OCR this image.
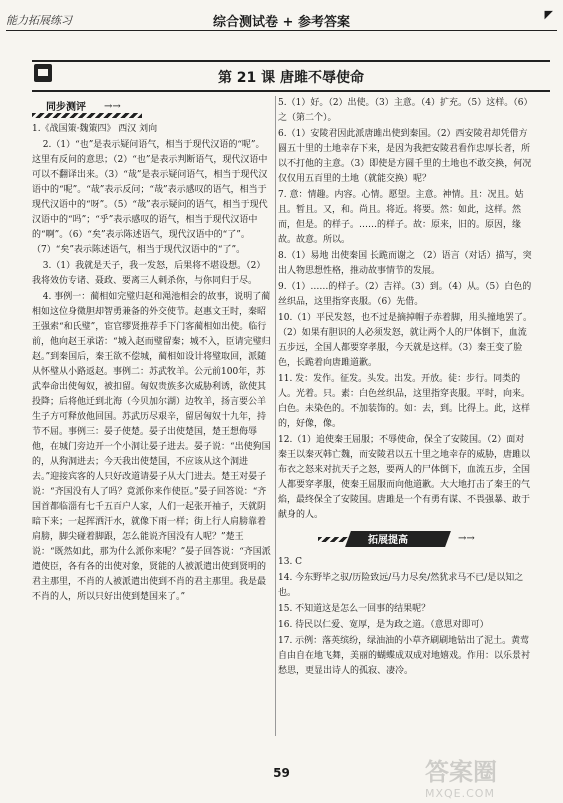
能力拓展练习	综合测试卷 + 参考答案
◤
第 21 课 唐雎不辱使命
同步测评 →→

1.《战国策·魏策四》 西汉 刘向

2.（1）“也”是表示疑问语气，相当于现代汉语的“呢”。这里有反问的意思；（2）“也”是表示判断语气，现代汉语中可以不翻译出来。（3）“哉”是表示疑问语气，相当于现代汉语中的“呢”。“哉”表示反问；“哉”表示感叹的语气，相当于现代汉语中的“呀”。（5）“哉”表示疑问的语气，相当于现代汉语中的“吗”；“乎”表示感叹的语气，相当于现代汉语中的“啊”。（6）“矣”表示陈述语气，现代汉语中的“了”。（7）“矣”表示陈述语气，相当于现代汉语中的“了”。

3.（1）我就是天子，我一发怒，后果将不堪设想。（2）我将效仿专诸、聂政、要离三人刺杀你，与你同归于尽。

4. 事例一：蔺相如完璧归赵和渑池相会的故事，说明了蔺相如这位身微胆却智勇兼备的外交使节。赵惠文王时，秦昭王强索“和氏璧”，宦官缪贤推荐手下门客蔺相如出使。临行前，他向赵王承诺：“城入赵而璧留秦；城不入，臣请完璧归赵。”到秦国后，秦王欲不偿城，蔺相如设计将璧取回，派随从怀璧从小路返赵。事例二：苏武牧羊。公元前100年，苏武奉命出使匈奴，被扣留。匈奴贵族多次威胁利诱，欲使其投降；后将他迁到北海（今贝加尔湖）边牧羊，扬言要公羊生子方可释放他回国。苏武历尽艰辛，留居匈奴十九年，持节不屈。事例三：晏子使楚。晏子出使楚国，楚王想侮辱他，在城门旁边开一个小洞让晏子进去。晏子说：“出使狗国的，从狗洞进去；今天我出使楚国，不应该从这个洞进去。”迎接宾客的人只好改道请晏子从大门进去。楚王对晏子说：“齐国没有人了吗？竟派你来作使臣。”晏子回答说：“齐国首都临淄有七千五百户人家，人们一起张开袖子，天就阴暗下来；一起挥洒汗水，就像下雨一样；街上行人肩膀靠着肩膀，脚尖碰着脚跟，怎么能说齐国没有人呢？”楚王说：“既然如此，那为什么派你来呢？”晏子回答说：“齐国派遣使臣，各有各的出使对象，贤能的人被派遣出使到贤明的君主那里，不肖的人被派遣出使到不肖的君主那里。我是最不肖的人，所以只好出使到楚国来了。”

5.（1）好。（2）出使。（3）主意。（4）扩充。（5）这样。（6）之（第二个）。

6.（1）安陵君因此派唐雎出使到秦国。（2）西安陵君却凭借方圆五十里的土地幸存下来，是因为我把安陵君看作忠厚长者，所以不打他的主意。（3）即使是方圆千里的土地也不敢交换，何况仅仅用五百里的土地（就能交换）呢？

7. 意：情趣。内容。心情。愿望。主意。神情。且：况且。姑且。暂且。又，和。尚且。将近。将要。然：如此，这样。然而，但是。的样子。……的样子。故：原来，旧的。原因，缘故。故意。所以。

8.（1）易地 出使秦国 长跪而谢之 （2）语言（对话）描写，突出人物思想性格，推动故事情节的发展。

9.（1）……的样子。（2）吉祥。（3）到。（4）从。（5）白色的丝织品，这里指穿丧服。（6）先借。

10.（1）平民发怒，也不过是摘掉帽子赤着脚，用头撞地罢了。（2）如果有胆识的人必须发怒，就让两个人的尸体倒下，血流五步远，全国人都要穿孝服，今天就是这样。（3）秦王变了脸色，长跪着向唐雎道歉。

11. 发：发作。征发。头发。出发。开放。徒：步行。同类的人。光着。只。素：白色丝织品，这里指穿丧服。平时，向来。白色。未染色的。不加装饰的。如：去，到。比得上。此，这样的，好像，像。

12.（1）追使秦王屈服；不辱使命，保全了安陵国。（2）面对秦王以秦灭韩亡魏，而安陵君以五十里之地幸存的威胁，唐雎以布衣之怒来对抗天子之怒，要两人的尸体倒下，血流五步，全国人都要穿孝服，使秦王屈服而向他道歉。大大地打击了秦王的气焰，最终保全了安陵国。唐雎是一个有勇有谋、不畏强暴、敢于献身的人。

拓展提高	→→

13. C

14. 今东野毕之驭/历险致远/马力尽矣/然犹求马不已/是以知之也。

15. 不知道这是怎么一回事的结果呢？

16. 待民以仁爱、宽厚，是为政之道。（意思对即可）

17. 示例：落英缤纷，绿油油的小草齐刷刷地钻出了泥土。黄莺自由自在地飞舞，美丽的蝴蝶成双成对地嬉戏。作用：以乐景衬愁思，更显出诗人的孤寂、凄冷。

59	答案圈
MXQE.COM
